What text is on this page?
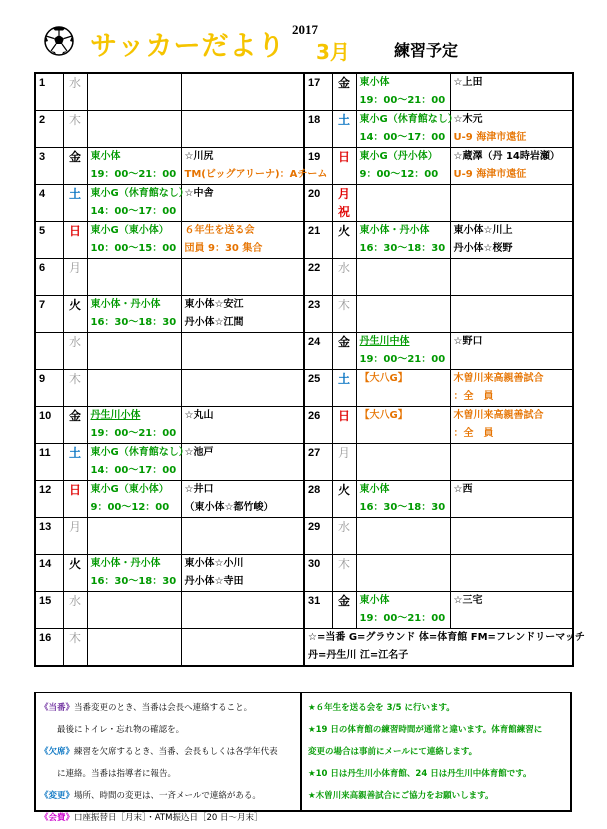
サッカーだより
2017
3月	練習予定
1	水			17	金	東小体	☆上田
						19：00～21：00	
2	木			18	土	東小G（休育館なし）	☆木元
						14：00～17：00	U-9 海津市遠征
3	金	東小体	☆川尻	19	日	東小G（丹小体）	☆蔵澤（丹 14時岩瀬）
		19：00～21：00	TM(ビッグアリーナ)：Aチーム			9：00～12：00	U-9 海津市遠征
4	土	東小G（休育館なし）	☆中舎	20	月		
		14：00～17：00			祝		
5	日	東小G（東小体）	６年生を送る会	21	火	東小体・丹小体	東小体☆川上
		10：00～15：00	団員 9：30 集合			16：30～18：30	丹小体☆桜野
6	月			22	水		

7	火	東小体・丹小体	東小体☆安江	23	木		
		16：30～18：30	丹小体☆江間				
	水			24	金	丹生川中体	☆野口
						19：00～21：00	
9	木			25	土	【大八G】	木曽川来高親善試合
							：全　員
10	金	丹生川小体	☆丸山	26	日	【大八G】	木曽川来高親善試合
		19：00～21：00					：全　員
11	土	東小G（休育館なし）	☆池戸	27	月		
		14：00～17：00					
12	日	東小G（東小体）	☆井口	28	火	東小体	☆西
		9：00～12：00	（東小体☆都竹峻）			16：30～18：30	
13	月			29	水		

14	火	東小体・丹小体	東小体☆小川	30	木		
		16：30～18：30	丹小体☆寺田				
15	水			31	金	東小体	☆三宅
						19：00～21：00	
16	木			☆=当番 G=グラウンド 体=体育館 FM=フレンドリーマッチ
丹=丹生川 江=江名子			

《当番》当番変更のとき、当番は会長へ連絡すること。
　　最後にトイレ・忘れ物の確認を。
《欠席》練習を欠席するとき、当番、会長もしくは各学年代表
　　に連絡。当番は指導者に報告。
《変更》場所、時間の変更は、一斉メールで連絡がある。
《会費》口座振替日［月末］・ATM振込日［20 日～月末］
★６年生を送る会を 3/5 に行います。
★19 日の体育館の練習時間が通常と違います。体育館練習に
変更の場合は事前にメールにて連絡します。
★10 日は丹生川小体育館、24 日は丹生川中体育館です。
★木曽川来高親善試合にご協力をお願いします。
